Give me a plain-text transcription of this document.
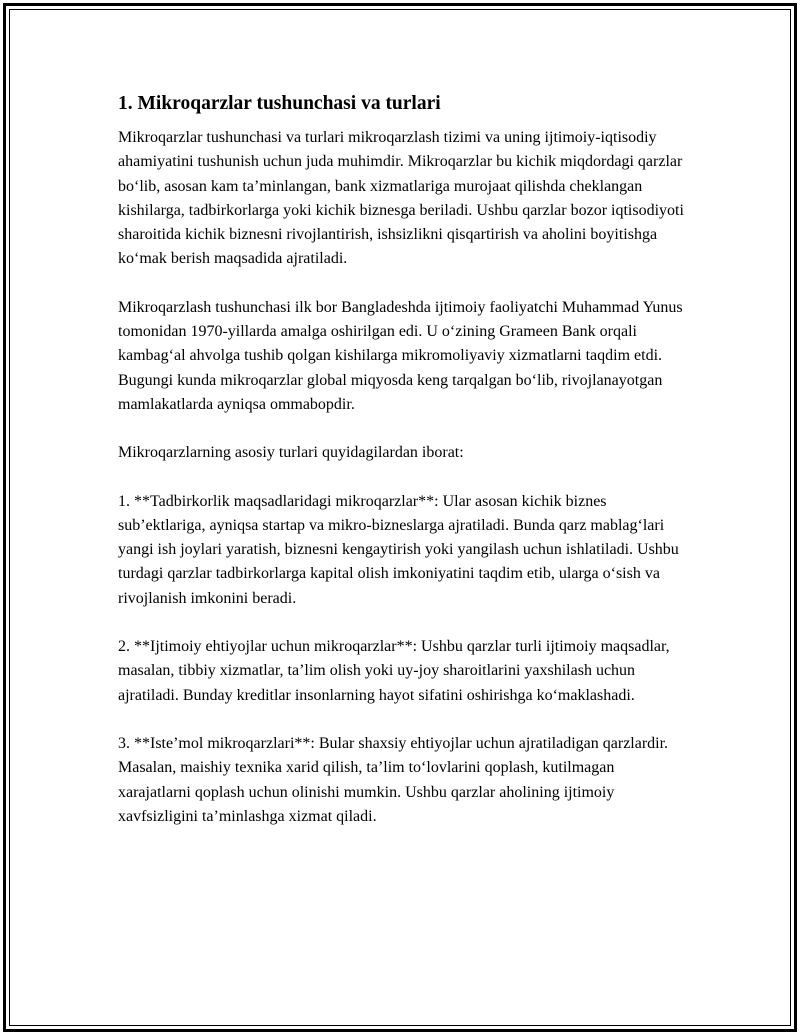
1. Mikroqarzlar tushunchasi va turlari

Mikroqarzlar tushunchasi va turlari mikroqarzlash tizimi va uning ijtimoiy-iqtisodiy ahamiyatini tushunish uchun juda muhimdir. Mikroqarzlar bu kichik miqdordagi qarzlar boʻlib, asosan kam taʼminlangan, bank xizmatlariga murojaat qilishda cheklangan kishilarga, tadbirkorlarga yoki kichik biznesga beriladi. Ushbu qarzlar bozor iqtisodiyoti sharoitida kichik biznesni rivojlantirish, ishsizlikni qisqartirish va aholini boyitishga koʻmak berish maqsadida ajratiladi.

Mikroqarzlash tushunchasi ilk bor Bangladeshda ijtimoiy faoliyatchi Muhammad Yunus tomonidan 1970-yillarda amalga oshirilgan edi. U oʻzining Grameen Bank orqali kambagʻal ahvolga tushib qolgan kishilarga mikromoliyaviy xizmatlarni taqdim etdi. Bugungi kunda mikroqarzlar global miqyosda keng tarqalgan boʻlib, rivojlanayotgan mamlakatlarda ayniqsa ommabopdir.

Mikroqarzlarning asosiy turlari quyidagilardan iborat:

1. **Tadbirkorlik maqsadlaridagi mikroqarzlar**: Ular asosan kichik biznes subʼektlariga, ayniqsa startap va mikro-bizneslarga ajratiladi. Bunda qarz mablagʻlari yangi ish joylari yaratish, biznesni kengaytirish yoki yangilash uchun ishlatiladi. Ushbu turdagi qarzlar tadbirkorlarga kapital olish imkoniyatini taqdim etib, ularga oʻsish va rivojlanish imkonini beradi.

2. **Ijtimoiy ehtiyojlar uchun mikroqarzlar**: Ushbu qarzlar turli ijtimoiy maqsadlar, masalan, tibbiy xizmatlar, taʼlim olish yoki uy-joy sharoitlarini yaxshilash uchun ajratiladi. Bunday kreditlar insonlarning hayot sifatini oshirishga koʻmaklashadi.

3. **Isteʼmol mikroqarzlari**: Bular shaxsiy ehtiyojlar uchun ajratiladigan qarzlardir. Masalan, maishiy texnika xarid qilish, taʼlim toʻlovlarini qoplash, kutilmagan xarajatlarni qoplash uchun olinishi mumkin. Ushbu qarzlar aholining ijtimoiy xavfsizligini taʼminlashga xizmat qiladi.
